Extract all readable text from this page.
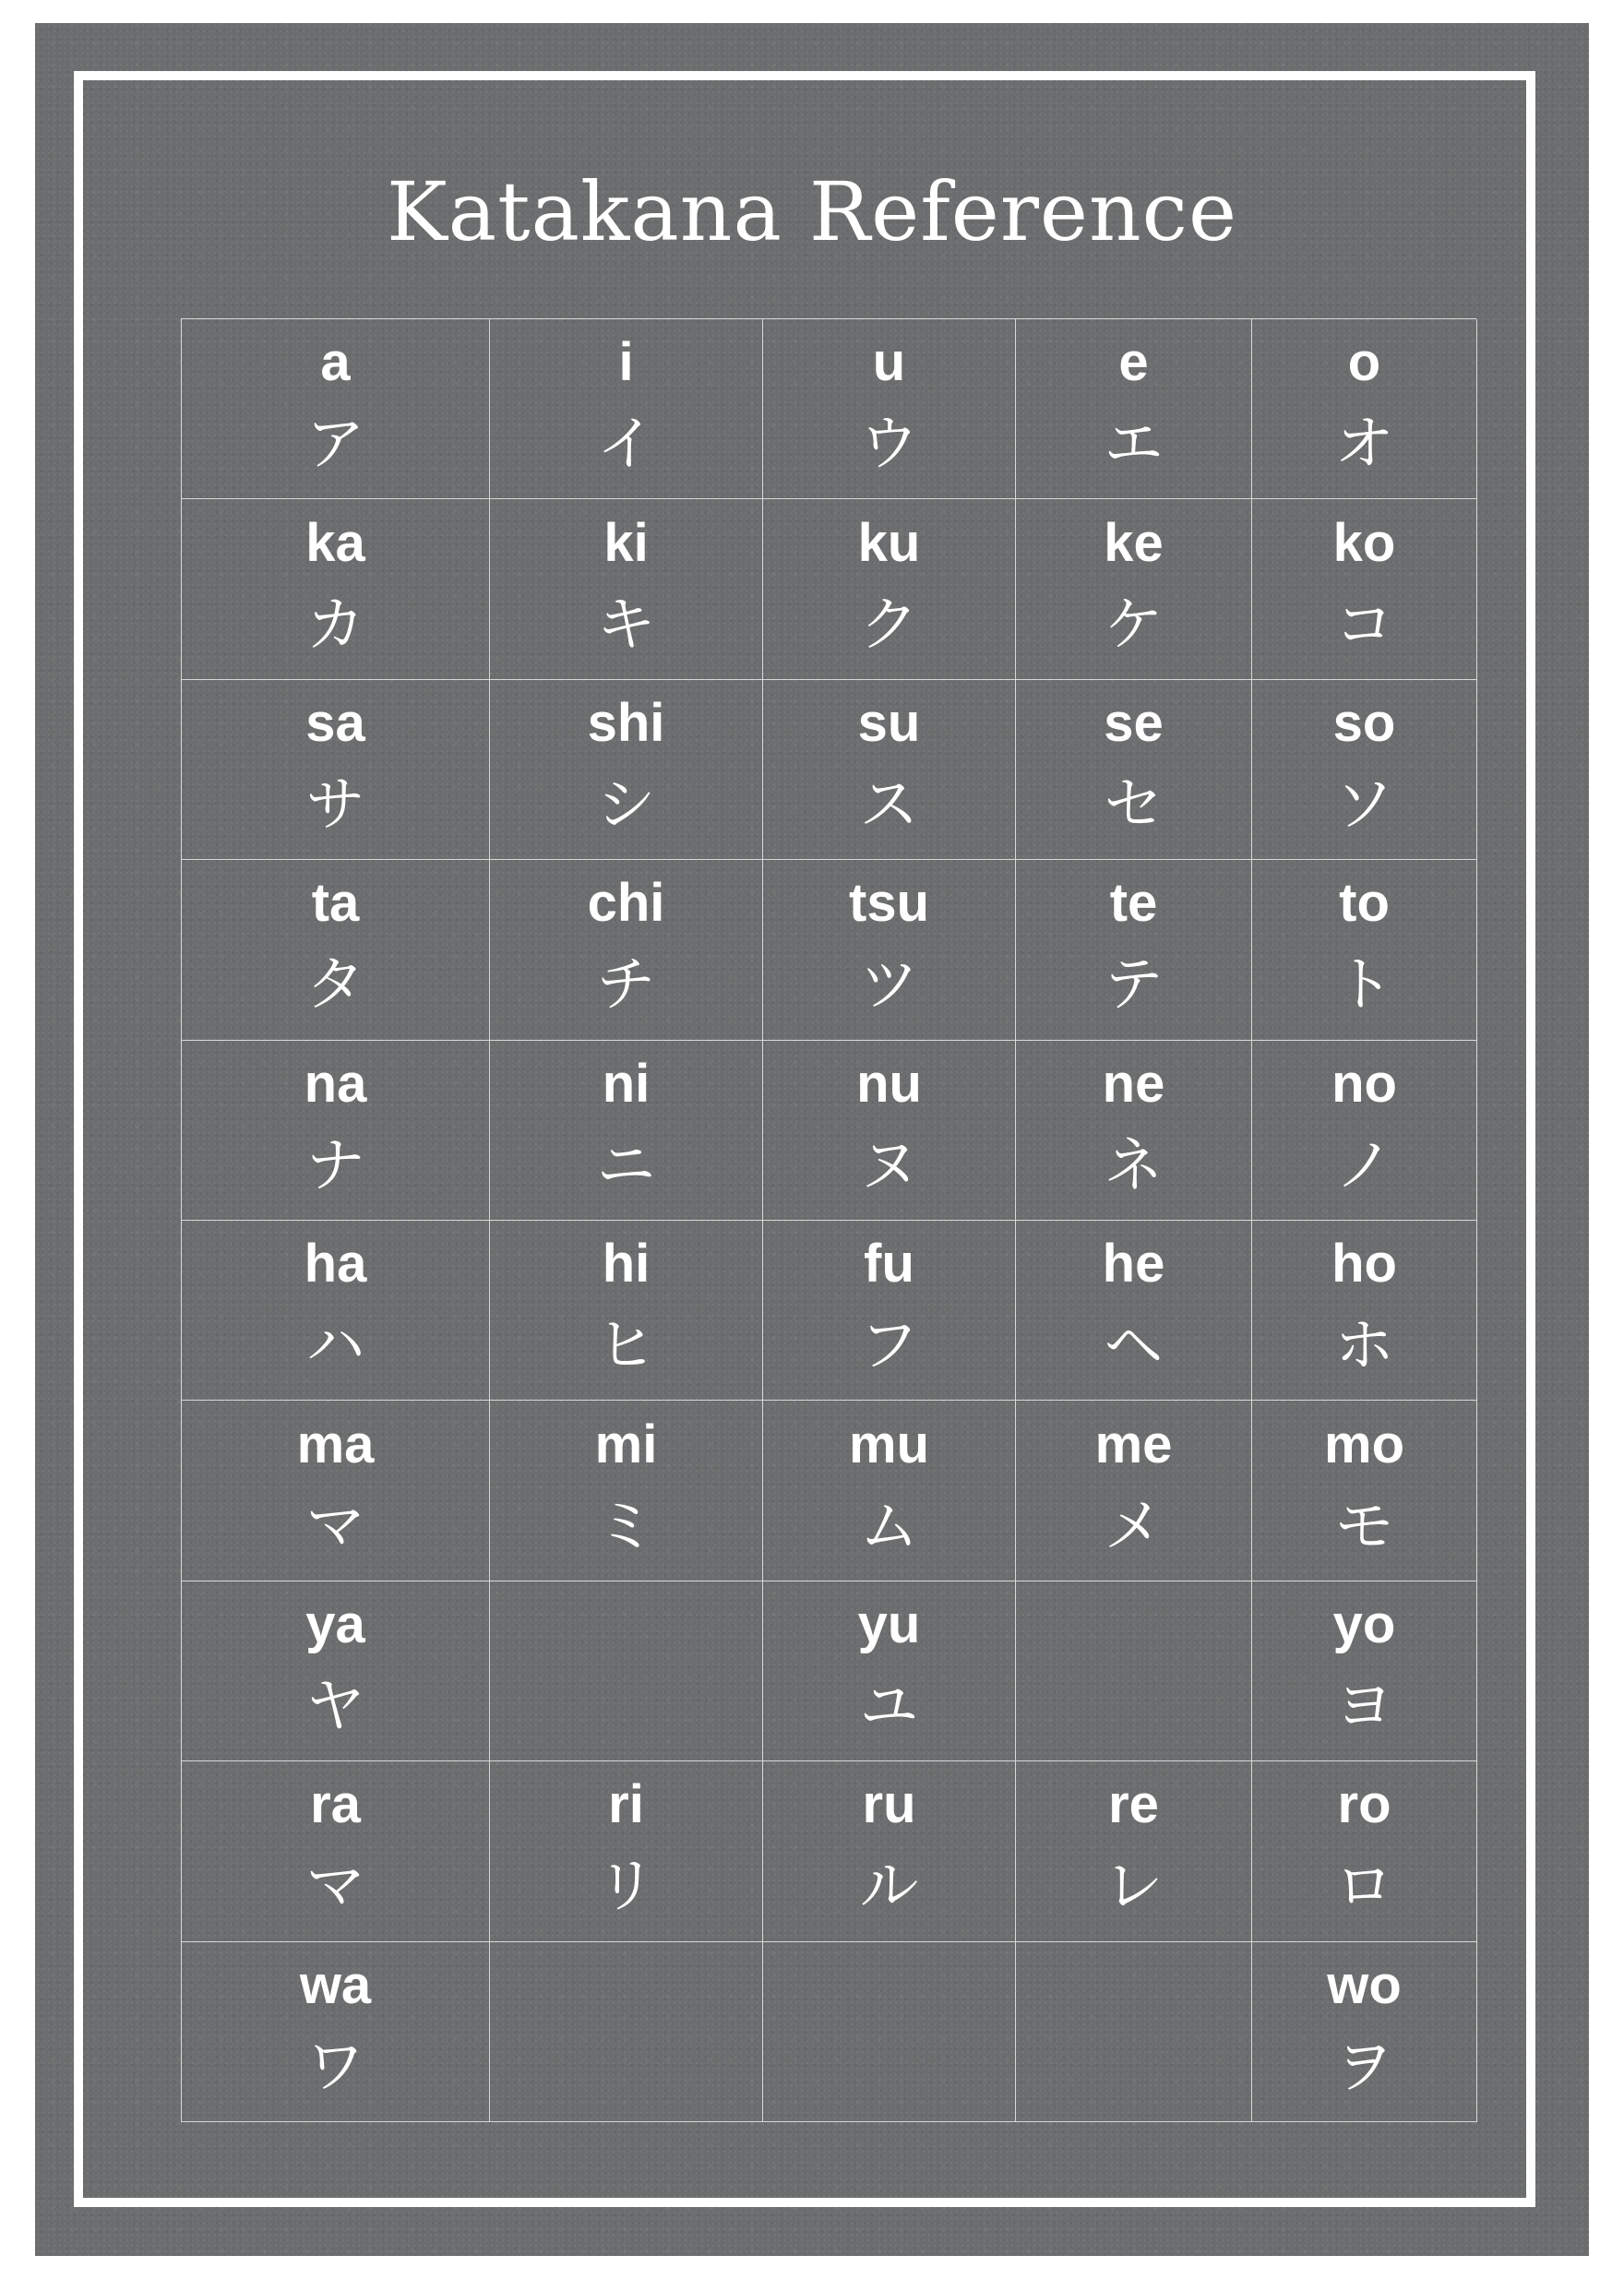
Katakana Reference
a
ア
i
イ
u
ウ
e
エ
o
オ
ka
カ
ki
キ
ku
ク
ke
ケ
ko
コ
sa
サ
shi
シ
su
ス
se
セ
so
ソ
ta
タ
chi
チ
tsu
ツ
te
テ
to
ト
na
ナ
ni
ニ
nu
ヌ
ne
ネ
no
ノ
ha
ハ
hi
ヒ
fu
フ
he
ヘ
ho
ホ
ma
マ
mi
ミ
mu
ム
me
メ
mo
モ
ya
ヤ
yu
ユ
yo
ヨ
ra
マ
ri
リ
ru
ル
re
レ
ro
ロ
wa
ワ
wo
ヲ
